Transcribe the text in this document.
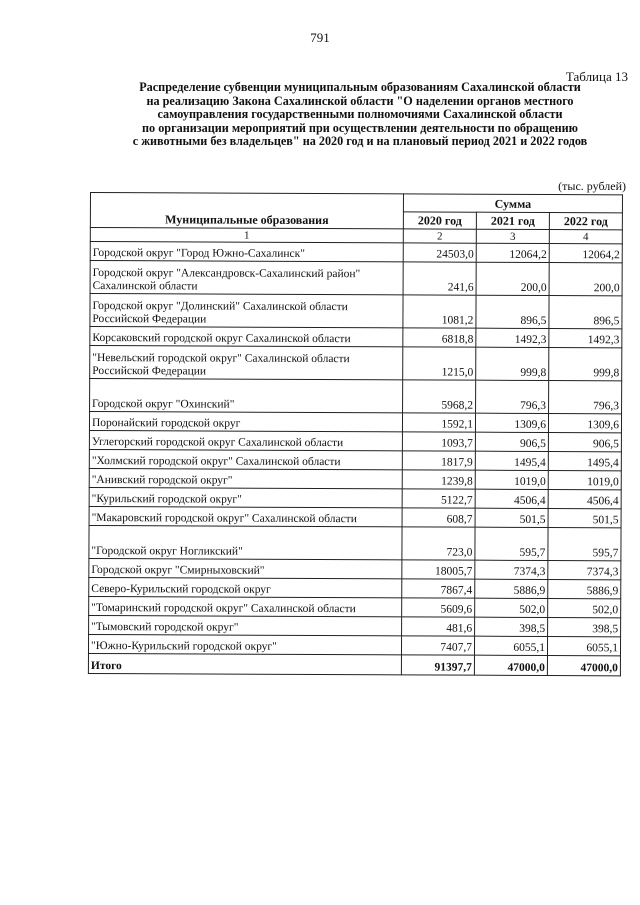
791
Таблица 13
Распределение субвенции муниципальным образованиям Сахалинской области
на реализацию Закона Сахалинской области "О наделении органов местного
самоуправления государственными полномочиями Сахалинской области
по организации мероприятий при осуществлении деятельности по обращению
с животными без владельцев" на 2020 год и на плановый период 2021 и 2022 годов
(тыс. рублей)
Муниципальные образования	Сумма		
	2020 год	2021 год	2022 год
1	2	3	4
Городской округ "Город Южно-Сахалинск"	24503,0	12064,2	12064,2
Городской округ "Александровск-Сахалинский район" Сахалинской области	241,6	200,0	200,0
Городской округ "Долинский" Сахалинской области Российской Федерации	1081,2	896,5	896,5
Корсаковский городской округ Сахалинской области	6818,8	1492,3	1492,3
"Невельский городской округ" Сахалинской области Российской Федерации	1215,0	999,8	999,8
Городской округ "Охинский"	5968,2	796,3	796,3
Поронайский городской округ	1592,1	1309,6	1309,6
Углегорский городской округ Сахалинской области	1093,7	906,5	906,5
"Холмский городской округ" Сахалинской области	1817,9	1495,4	1495,4
"Анивский городской округ"	1239,8	1019,0	1019,0
"Курильский городской округ"	5122,7	4506,4	4506,4
"Макаровский городской округ" Сахалинской области	608,7	501,5	501,5
"Городской округ Ногликский"	723,0	595,7	595,7
Городской округ "Смирныховский"	18005,7	7374,3	7374,3
Северо-Курильский городской округ	7867,4	5886,9	5886,9
"Томаринский городской округ" Сахалинской области	5609,6	502,0	502,0
"Тымовский городской округ"	481,6	398,5	398,5
"Южно-Курильский городской округ"	7407,7	6055,1	6055,1
Итого	91397,7	47000,0	47000,0
